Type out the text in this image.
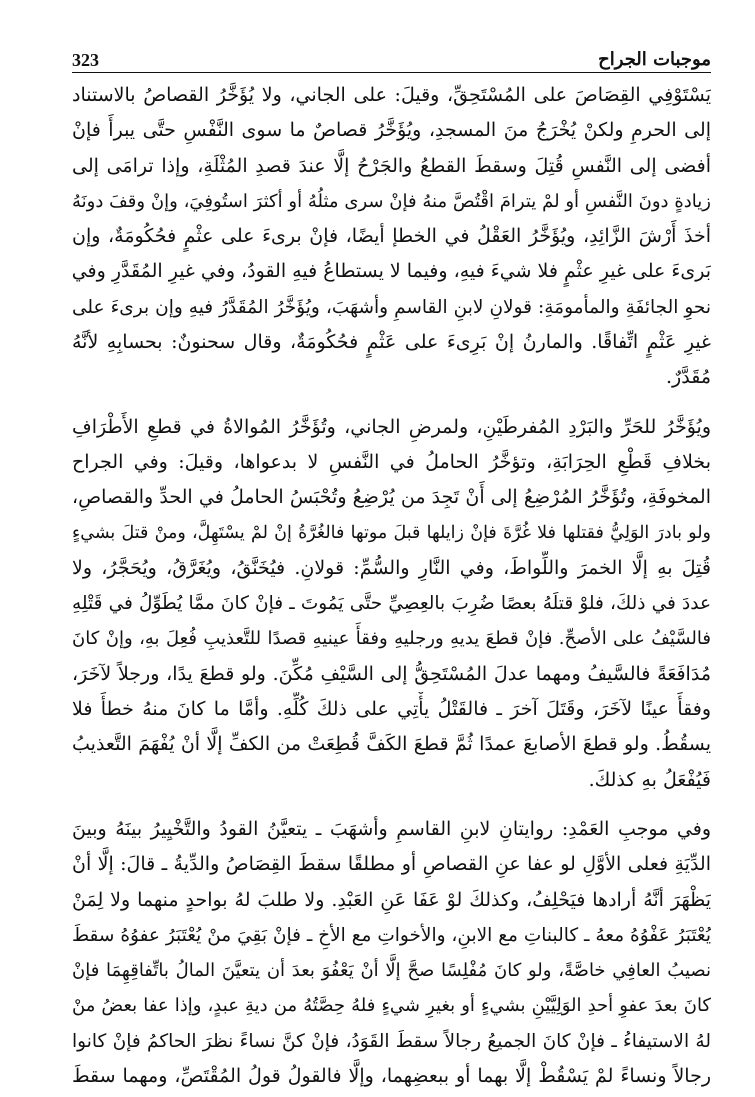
موجبات الجراح
323
يَسْتَوْفِي القِصَاصَ على المُسْتَحِقِّ، وقيلَ: على الجاني، ولا يُؤَخَّرُ القصاصُ بالاستناد
إلى الحرمِ ولكنْ يُخْرَجُ منَ المسجدِ، ويُؤَخَّرُ قصاصٌ ما سوى النَّفْسِ حتَّى يبرأَ فإنْ
أفضى إلى النَّفسِ قُتِلَ وسقطَ القطعُ والجَرْحُ إلَّا عندَ قصدِ المُثْلَةِ، وإذا ترامَى إلى
زيادةٍ دونَ النَّفسِ أو لمْ يترامَ اقْتُصَّ منهُ فإنْ سرى مثلُهُ أو أكثرَ استُوفِيَ، وإنْ وقفَ دونَهُ
أخذَ أَرْشَ الزَّائِدِ، ويُؤَخَّرُ العَقْلُ في الخطإ أيضًا، فإنْ برىءَ على عثْمٍ فحُكُومَةٌ، وإن
بَرىءَ على غيرِ عثْمٍ فلا شيءَ فيهِ، وفيما لا يستطاعُ فيهِ القودُ، وفي غيرِ المُقَدَّرِ وفي
نحوِ الجائفَةِ والمأمومَةِ: قولانِ لابنِ القاسمِ وأشهَبَ، ويُؤَخَّرُ المُقَدَّرُ فيهِ وإن برىءَ على
غيرِ عَثْمٍ اتِّفاقًا. والمارنُ إنْ بَرِىءَ على عَثْمٍ فحُكُومَةٌ، وقال سحنونٌ: بحسابِهِ لأنَّهُ
مُقَدَّرٌ.
ويُؤَخَّرُ للحَرِّ والبَرْدِ المُفرطَيْنِ، ولمرضِ الجاني، وتُؤَخَّرُ المُوالاةُ في قطعِ الأَطْرَافِ
بخلافِ قَطْعِ الحِرَابَةِ، وتؤخَّرُ الحاملُ في النَّفسِ لا بدعواها، وقيلَ: وفي الجراح
المخوفَةِ، وتُؤَخَّرُ المُرْضِعُ إلى أَنْ تَجِدَ من يُرْضِعُ وتُحْبَسُ الحاملُ في الحدِّ والقصاصِ،
ولو بادرَ الوَلِيُّ فقتلها فلا غُرَّةَ فإنْ زايلها قبلَ موتها فالغُرَّةُ إنْ لمْ يسْتَهِلَّ، ومنْ قتلَ بشيءٍ
قُتِلَ بهِ إلَّا الخمرَ واللِّواطَ، وفي النَّارِ والسُّمِّ: قولانِ. فيُخَنَّقُ، ويُغَرَّقُ، ويُحَجَّرُ، ولا
عددَ في ذلكَ، فلوْ قتلَهُ بعصًا ضُرِبَ بالعِصِيِّ حتَّى يَمُوتَ ـ فإنْ كانَ ممَّا يُطَوِّلُ في قَتْلِهِ
فالسَّيْفُ على الأصحِّ. فإنْ قطعَ يديهِ ورجليهِ وفقأَ عينيهِ قصدًا للتَّعذيبِ فُعِلَ بهِ، وإنْ كانَ
مُدَافَعَةً فالسَّيفُ ومهما عدلَ المُسْتَحِقُّ إلى السَّيْفِ مُكِّنَ. ولو قطعَ يدًا، ورجلاً لآخَرَ،
وفقأَ عينًا لآخَرَ، وقَتَلَ آخرَ ـ فالقَتْلُ يأْتِي على ذلكَ كُلِّهِ. وأمَّا ما كانَ منهُ خطأً فلا
يسقُطُ. ولو قطعَ الأصابعَ عمدًا ثُمَّ قطعَ الكَفَّ قُطِعَتْ من الكفِّ إلَّا أنْ يُفْهَمَ التَّعذيبُ
فَيُفْعَلُ بهِ كذلكَ.
وفي موجبِ العَمْدِ: روايتانِ لابنِ القاسمِ وأشهَبَ ـ يتعيَّنُ القودُ والتَّخْيِيرُ بينَهُ وبينَ
الدِّيَةِ فعلى الأوَّلِ لو عفا عنِ القصاصِ أو مطلقًا سقطَ القِصَاصُ والدِّيةُ ـ قالَ: إلَّا أنْ
يَظْهَرَ أنَّهُ أرادها فيَحْلِفُ، وكذلكَ لوْ عَفَا عَنِ العَبْدِ. ولا طلبَ لهُ بواحدٍ منهما ولا لِمَنْ
يُعْتَبَرُ عَفْوُهُ معهُ ـ كالبناتِ مع الابنِ، والأخواتِ مع الأخِ ـ فإنْ بَقِيَ منْ يُعْتَبَرُ عفوُهُ سقطَ
نصيبُ العافِي خاصَّةً، ولو كانَ مُفْلِسًا صحَّ إلَّا أنْ يَعْفُوَ بعدَ أن يتعيَّنَ المالُ باتِّفاقِهِمَا فإنْ
كانَ بعدَ عفوِ أحدِ الوَلِيَّيْنِ بشيءٍ أو بغيرِ شيءٍ فلهُ حِصَّتُهُ من ديةِ عبدٍ، وإذا عفا بعضُ منْ
لهُ الاستيفاءُ ـ فإنْ كانَ الجميعُ رجالاً سقطَ القَوَدُ، فإنْ كنَّ نساءً نظرَ الحاكمُ فإنْ كانوا
رجالاً ونساءً لمْ يَسْقُطْ إلَّا بهما أو ببعضِهما، وإلَّا فالقولُ قولُ المُقْتَصِّ، ومهما سقطَ
